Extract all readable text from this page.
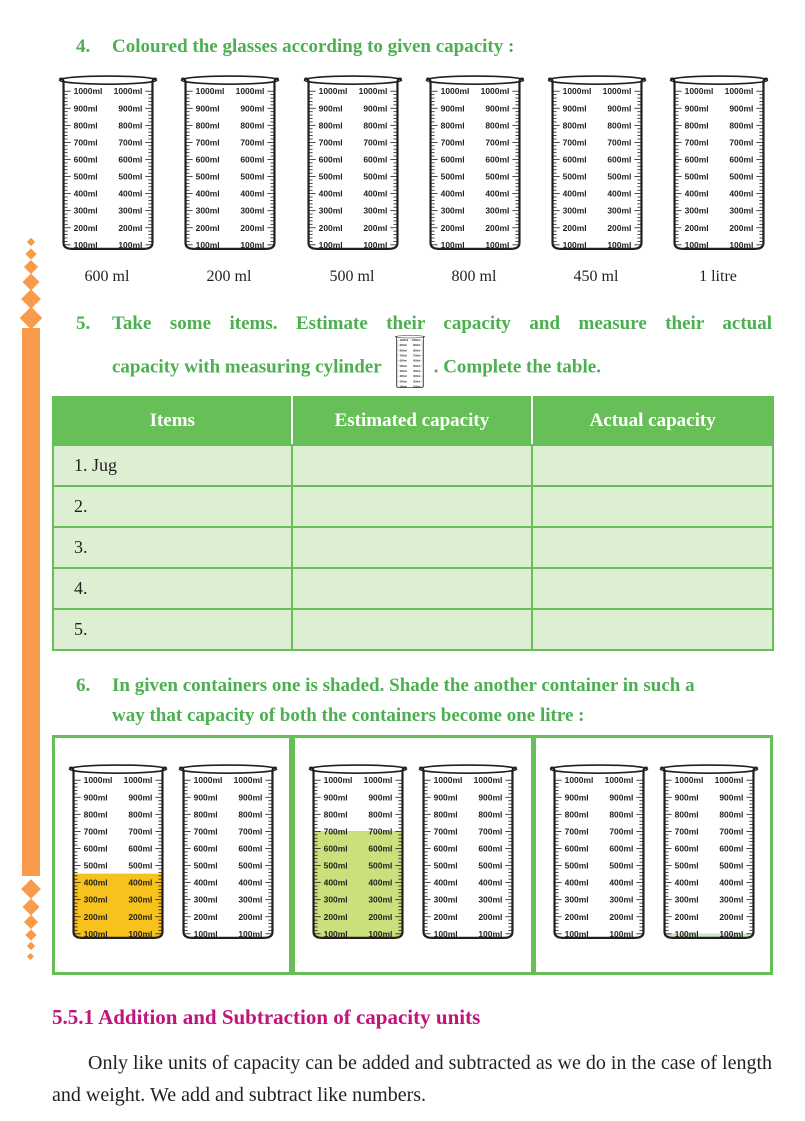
4. Coloured the glasses according to given capacity :
1000ml 1000ml
900ml 900ml
800ml 800ml
700ml 700ml
600ml 600ml
500ml 500ml
400ml 400ml
300ml 300ml
200ml 200ml
100ml 100ml
1000ml 1000ml
900ml 900ml
800ml 800ml
700ml 700ml
600ml 600ml
500ml 500ml
400ml 400ml
300ml 300ml
200ml 200ml
100ml 100ml
1000ml 1000ml
900ml 900ml
800ml 800ml
700ml 700ml
600ml 600ml
500ml 500ml
400ml 400ml
300ml 300ml
200ml 200ml
100ml 100ml
1000ml 1000ml
900ml 900ml
800ml 800ml
700ml 700ml
600ml 600ml
500ml 500ml
400ml 400ml
300ml 300ml
200ml 200ml
100ml 100ml
1000ml 1000ml
900ml 900ml
800ml 800ml
700ml 700ml
600ml 600ml
500ml 500ml
400ml 400ml
300ml 300ml
200ml 200ml
100ml 100ml
1000ml 1000ml
900ml 900ml
800ml 800ml
700ml 700ml
600ml 600ml
500ml 500ml
400ml 400ml
300ml 300ml
200ml 200ml
100ml 100ml
600 ml	200 ml	500 ml	800 ml	450 ml	1 litre
5. Take some items. Estimate their capacity and measure their actual
capacity with measuring cylinder
1000ml 1000ml
900ml 900ml
800ml 800ml
700ml 700ml
600ml 600ml
500ml 500ml
400ml 400ml
300ml 300ml
200ml 200ml
100ml 100ml
. Complete the table.
Items	Estimated capacity	Actual capacity
1. Jug		
2.		
3.		
4.		
5.		
6. In given containers one is shaded. Shade the another container in such a
way that capacity of both the containers become one litre :
1000ml 1000ml
900ml 900ml
800ml 800ml
700ml 700ml
600ml 600ml
500ml 500ml
400ml 400ml
300ml 300ml
200ml 200ml
100ml 100ml
1000ml 1000ml
900ml 900ml
800ml 800ml
700ml 700ml
600ml 600ml
500ml 500ml
400ml 400ml
300ml 300ml
200ml 200ml
100ml 100ml
1000ml 1000ml
900ml 900ml
800ml 800ml
700ml 700ml
600ml 600ml
500ml 500ml
400ml 400ml
300ml 300ml
200ml 200ml
100ml 100ml
1000ml 1000ml
900ml 900ml
800ml 800ml
700ml 700ml
600ml 600ml
500ml 500ml
400ml 400ml
300ml 300ml
200ml 200ml
100ml 100ml
1000ml 1000ml
900ml 900ml
800ml 800ml
700ml 700ml
600ml 600ml
500ml 500ml
400ml 400ml
300ml 300ml
200ml 200ml
100ml 100ml
1000ml 1000ml
900ml 900ml
800ml 800ml
700ml 700ml
600ml 600ml
500ml 500ml
400ml 400ml
300ml 300ml
200ml 200ml
100ml 100ml
5.5.1 Addition and Subtraction of capacity units
Only like units of capacity can be added and subtracted as we do in the case of length and weight. We add and subtract like numbers.
